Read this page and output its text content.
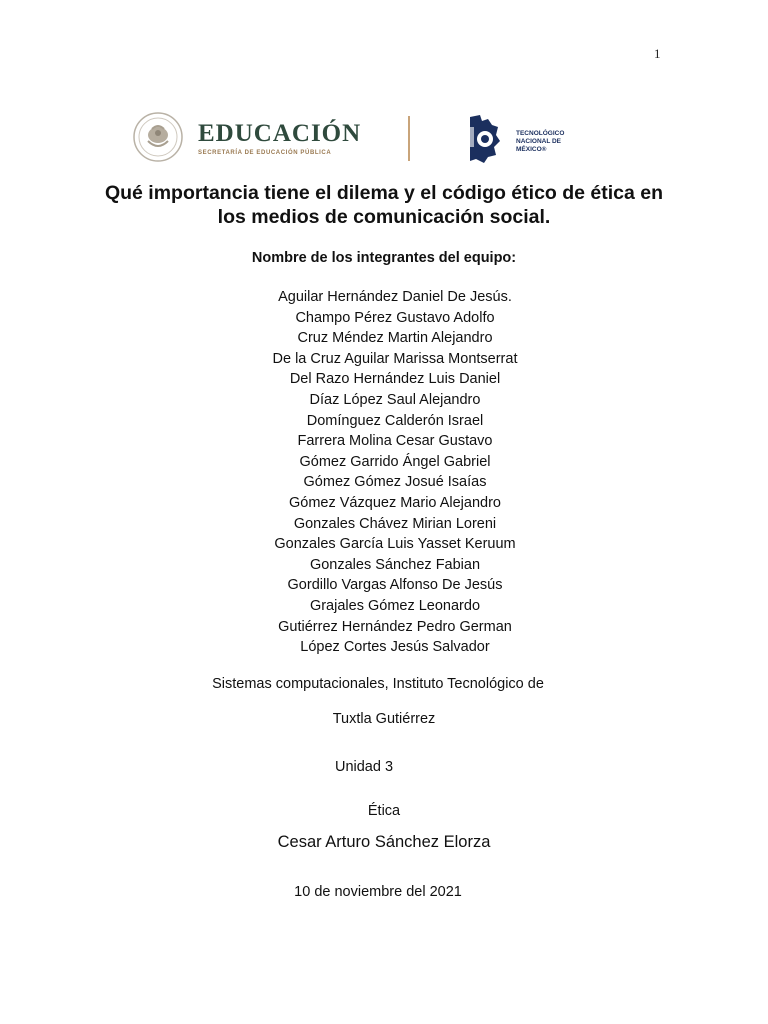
1
EDUCACIÓN
SECRETARÍA DE EDUCACIÓN PÚBLICA
TECNOLÓGICO
NACIONAL DE MÉXICO®
Qué importancia tiene el dilema y el código ético de ética en
los medios de comunicación social.
Nombre de los integrantes del equipo:
Aguilar Hernández Daniel De Jesús.
Champo Pérez Gustavo Adolfo
Cruz Méndez Martin Alejandro
De la Cruz Aguilar Marissa Montserrat
Del Razo Hernández Luis Daniel
Díaz López Saul Alejandro
Domínguez Calderón Israel
Farrera Molina Cesar Gustavo
Gómez Garrido Ángel Gabriel
Gómez Gómez Josué Isaías
Gómez Vázquez Mario Alejandro
Gonzales Chávez Mirian Loreni
Gonzales García Luis Yasset Keruum
Gonzales Sánchez Fabian
Gordillo Vargas Alfonso De Jesús
Grajales Gómez Leonardo
Gutiérrez Hernández Pedro German
López Cortes Jesús Salvador
Sistemas computacionales, Instituto Tecnológico de
Tuxtla Gutiérrez
Unidad 3
Ética
Cesar Arturo Sánchez Elorza
10 de noviembre del 2021
